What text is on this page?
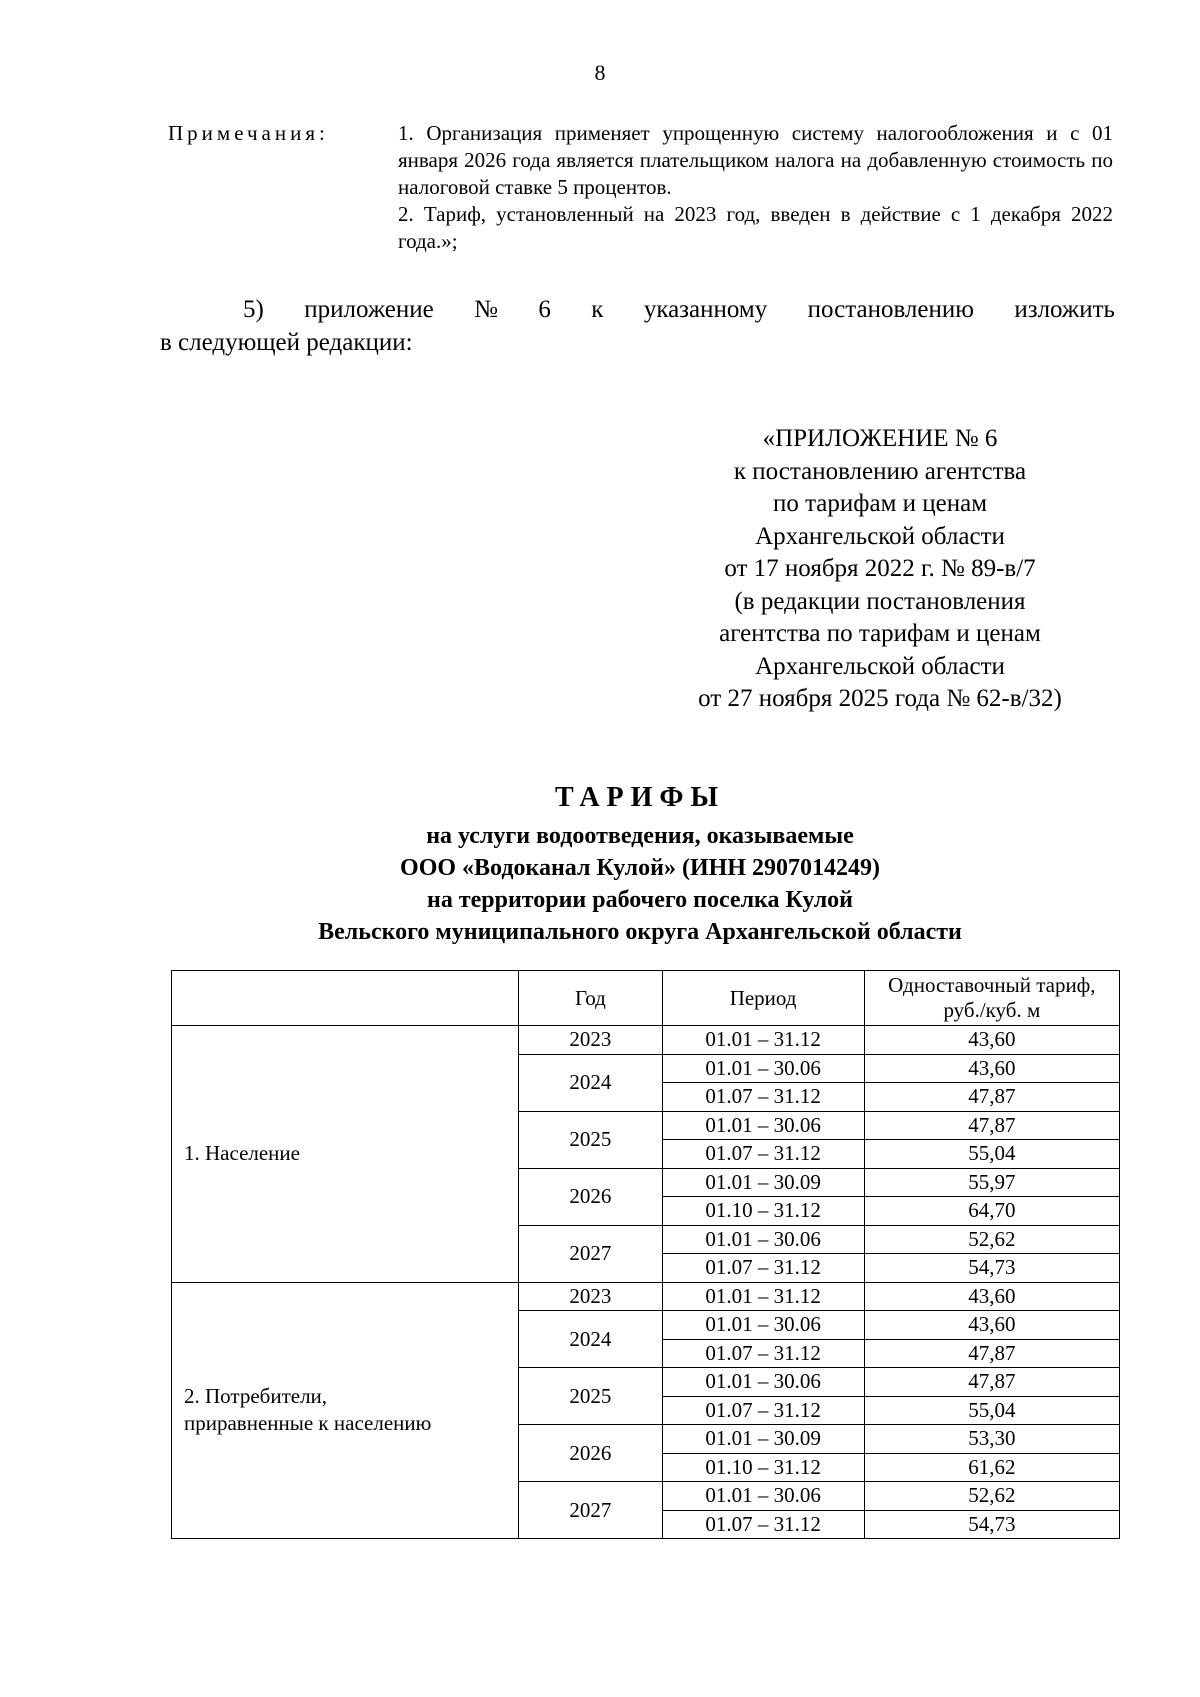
8
Примечания:	1. Организация применяет упрощенную систему налогообложения и с 01 января 2026 года является плательщиком налога на добавленную стоимость по налоговой ставке 5 процентов.

2. Тариф, установленный на 2023 год, введен в действие с 1 декабря 2022 года.»;

5) приложение № 6 к указанному постановлению изложить
в следующей редакции:
«ПРИЛОЖЕНИЕ № 6
к постановлению агентства
по тарифам и ценам
Архангельской области
от 17 ноября 2022 г. № 89-в/7
(в редакции постановления
агентства по тарифам и ценам
Архангельской области
от 27 ноября 2025 года № 62-в/32)
ТАРИФЫ
на услуги водоотведения, оказываемые
ООО «Водоканал Кулой» (ИНН 2907014249)
на территории рабочего поселка Кулой
Вельского муниципального округа Архангельской области
	Год	Период	Одноставочный тариф, руб./куб. м
1. Население	2023	01.01 – 31.12	43,60
	2024	01.01 – 30.06	43,60
		01.07 – 31.12	47,87
	2025	01.01 – 30.06	47,87
		01.07 – 31.12	55,04
	2026	01.01 – 30.09	55,97
		01.10 – 31.12	64,70
	2027	01.01 – 30.06	52,62
		01.07 – 31.12	54,73
2. Потребители,
приравненные к населению	2023	01.01 – 31.12	43,60
	2024	01.01 – 30.06	43,60
		01.07 – 31.12	47,87
	2025	01.01 – 30.06	47,87
		01.07 – 31.12	55,04
	2026	01.01 – 30.09	53,30
		01.10 – 31.12	61,62
	2027	01.01 – 30.06	52,62
		01.07 – 31.12	54,73
